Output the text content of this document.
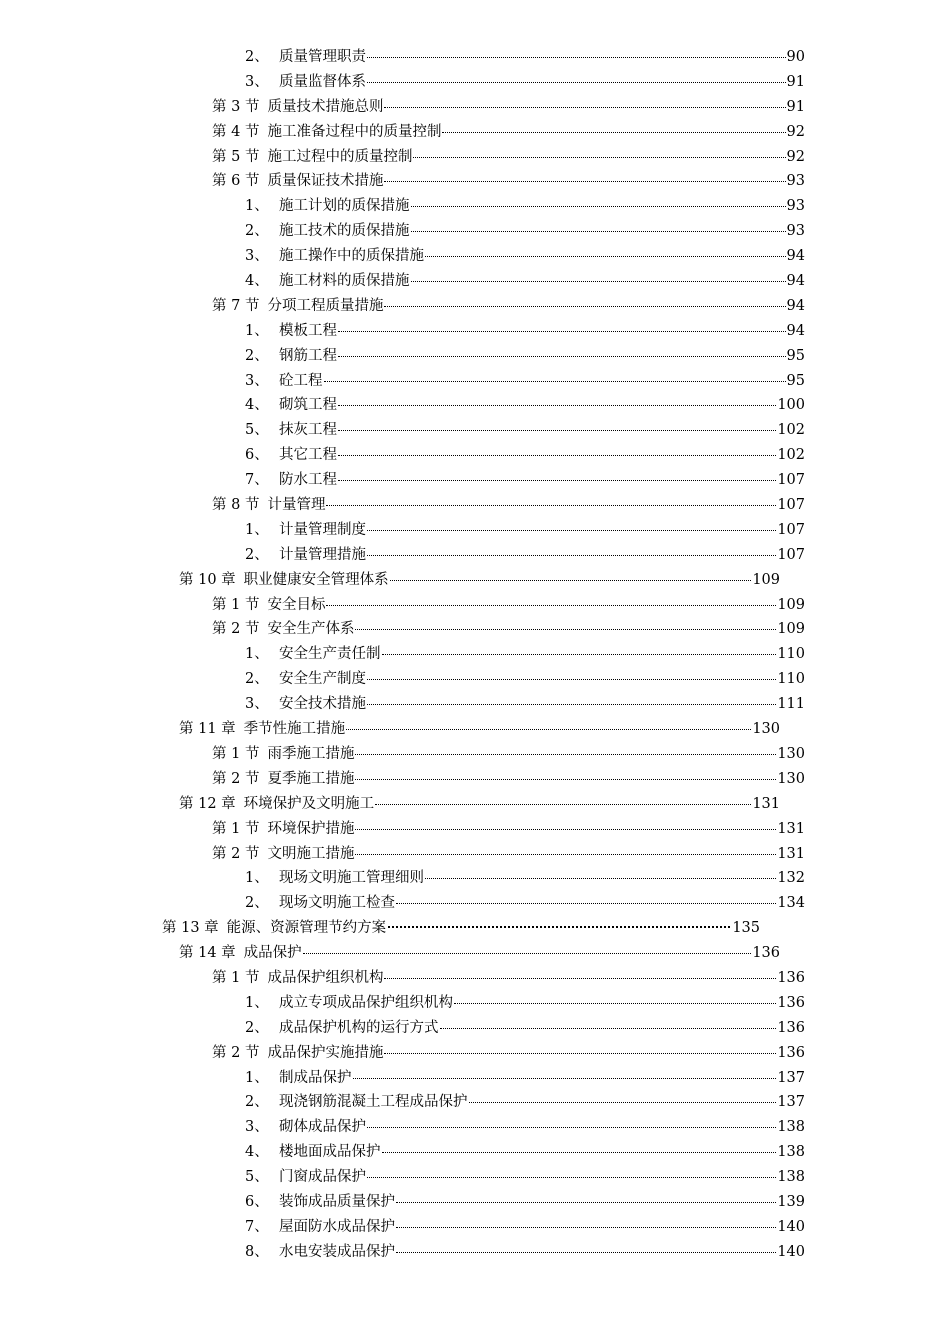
2、 质量管理职责	90
3、 质量监督体系	91
第 3 节 质量技术措施总则	91
第 4 节 施工准备过程中的质量控制	92
第 5 节 施工过程中的质量控制	92
第 6 节 质量保证技术措施	93
1、 施工计划的质保措施	93
2、 施工技术的质保措施	93
3、 施工操作中的质保措施	94
4、 施工材料的质保措施	94
第 7 节 分项工程质量措施	94
1、 模板工程	94
2、 钢筋工程	95
3、 砼工程	95
4、 砌筑工程	100
5、 抹灰工程	102
6、 其它工程	102
7、 防水工程	107
第 8 节 计量管理	107
1、 计量管理制度	107
2、 计量管理措施	107
第 10 章 职业健康安全管理体系	109
第 1 节 安全目标	109
第 2 节 安全生产体系	109
1、 安全生产责任制	110
2、 安全生产制度	110
3、 安全技术措施	111
第 11 章 季节性施工措施	130
第 1 节 雨季施工措施	130
第 2 节 夏季施工措施	130
第 12 章 环境保护及文明施工	131
第 1 节 环境保护措施	131
第 2 节 文明施工措施	131
1、 现场文明施工管理细则	132
2、 现场文明施工检查	134
第 13 章 能源、资源管理节约方案	135
第 14 章 成品保护	136
第 1 节 成品保护组织机构	136
1、 成立专项成品保护组织机构	136
2、 成品保护机构的运行方式	136
第 2 节 成品保护实施措施	136
1、 制成品保护	137
2、 现浇钢筋混凝土工程成品保护	137
3、 砌体成品保护	138
4、 楼地面成品保护	138
5、 门窗成品保护	138
6、 装饰成品质量保护	139
7、 屋面防水成品保护	140
8、 水电安装成品保护	140
